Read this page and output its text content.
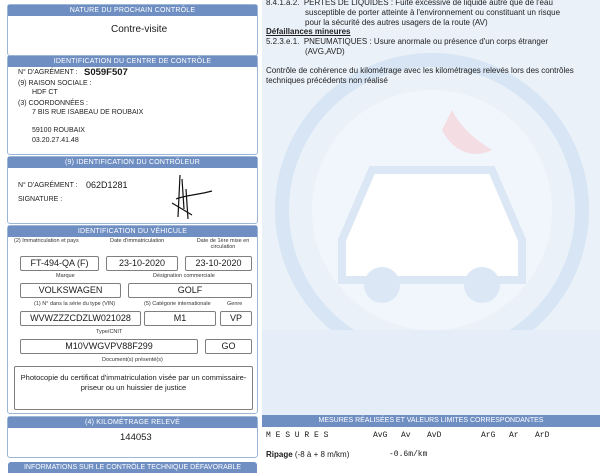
8.4.1.a.2. PERTES DE LIQUIDES : Fuite excessive de liquide autre que de l'eau
susceptible de porter atteinte à l'environnement ou constituant un risque
pour la sécurité des autres usagers de la route (AV)
Défaillances mineures
5.2.3.e.1. PNEUMATIQUES : Usure anormale ou présence d'un corps étranger
(AVG,AVD)
Contrôle de cohérence du kilométrage avec les kilométrages relevés lors des contrôles
techniques précédents non réalisé
MESURES RÉALISÉES ET VALEURS LIMITES CORRESPONDANTES
M E S U R E S	AvG Av AvD	ArG Ar ArD
Ripage (-8 à + 8 m/km)	-0.6m/km
NATURE DU PROCHAIN CONTRÔLE
Contre-visite
IDENTIFICATION DU CENTRE DE CONTRÔLE
N° D'AGRÉMENT : S059F507
(9) RAISON SOCIALE :
HDF CT
(3) COORDONNÉES :
7 BIS RUE ISABEAU DE ROUBAIX
59100 ROUBAIX
03.20.27.41.48
(9) IDENTIFICATION DU CONTRÔLEUR
N° D'AGRÉMENT : 062D1281
SIGNATURE :
IDENTIFICATION DU VÉHICULE
(2) Immatriculation et pays	Date d'immatriculation	Date de 1ère mise en circulation
FT-494-QA (F)	23-10-2020	23-10-2020
Marque	Désignation commerciale
VOLKSWAGEN	GOLF
(1) N° dans la série du type (VIN)	(5) Catégorie internationale	Genre
WVWZZZCDZLW021028	M1	VP
Type/CNIT
M10VWGVPV88F299	GO
Document(s) présenté(s)
Photocopie du certificat d'immatriculation visée par un commissaire-priseur ou un huissier de justice
(4) KILOMÉTRAGE RELEVÉ
144053
INFORMATIONS SUR LE CONTRÔLE TECHNIQUE DÉFAVORABLE
